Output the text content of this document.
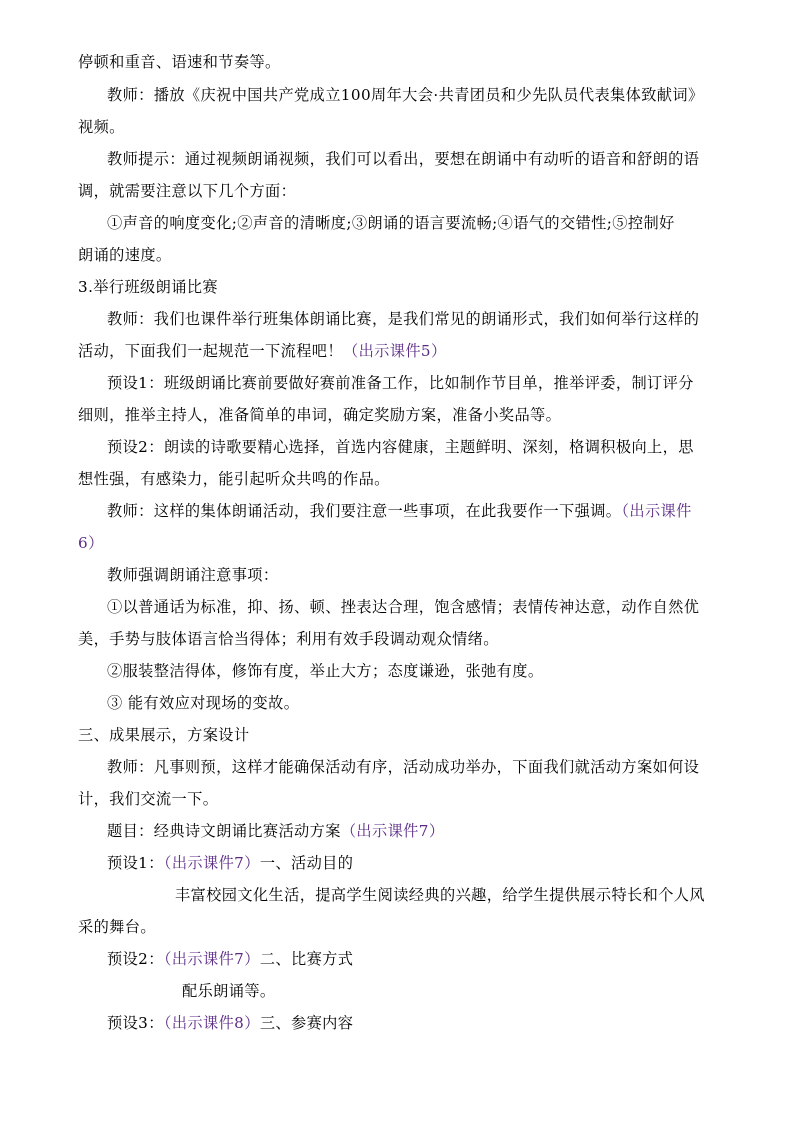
停顿和重音、语速和节奏等。
教师：播放《庆祝中国共产党成立100周年大会·共青团员和少先队员代表集体致献词》
视频。
教师提示：通过视频朗诵视频，我们可以看出，要想在朗诵中有动听的语音和舒朗的语
调，就需要注意以下几个方面：
①声音的响度变化;②声音的清晰度;③朗诵的语言要流畅;④语气的交错性;⑤控制好
朗诵的速度。
3.举行班级朗诵比赛
教师：我们也课件举行班集体朗诵比赛，是我们常见的朗诵形式，我们如何举行这样的
活动，下面我们一起规范一下流程吧！（出示课件5）
预设1：班级朗诵比赛前要做好赛前准备工作，比如制作节目单，推举评委，制订评分
细则，推举主持人，准备简单的串词，确定奖励方案，准备小奖品等。
预设2：朗读的诗歌要精心选择，首选内容健康，主题鲜明、深刻，格调积极向上，思
想性强，有感染力，能引起听众共鸣的作品。
教师：这样的集体朗诵活动，我们要注意一些事项，在此我要作一下强调。（出示课件
6）
教师强调朗诵注意事项：
①以普通话为标准，抑、扬、顿、挫表达合理，饱含感情；表情传神达意，动作自然优
美，手势与肢体语言恰当得体；利用有效手段调动观众情绪。
②服装整洁得体，修饰有度，举止大方；态度谦逊，张弛有度。
③ 能有效应对现场的变故。
三、成果展示，方案设计
教师：凡事则预，这样才能确保活动有序，活动成功举办，下面我们就活动方案如何设
计，我们交流一下。
题目：经典诗文朗诵比赛活动方案（出示课件7）
预设1：（出示课件7）一、活动目的
丰富校园文化生活，提高学生阅读经典的兴趣，给学生提供展示特长和个人风
采的舞台。
预设2：（出示课件7）二、比赛方式
配乐朗诵等。
预设3：（出示课件8）三、参赛内容
